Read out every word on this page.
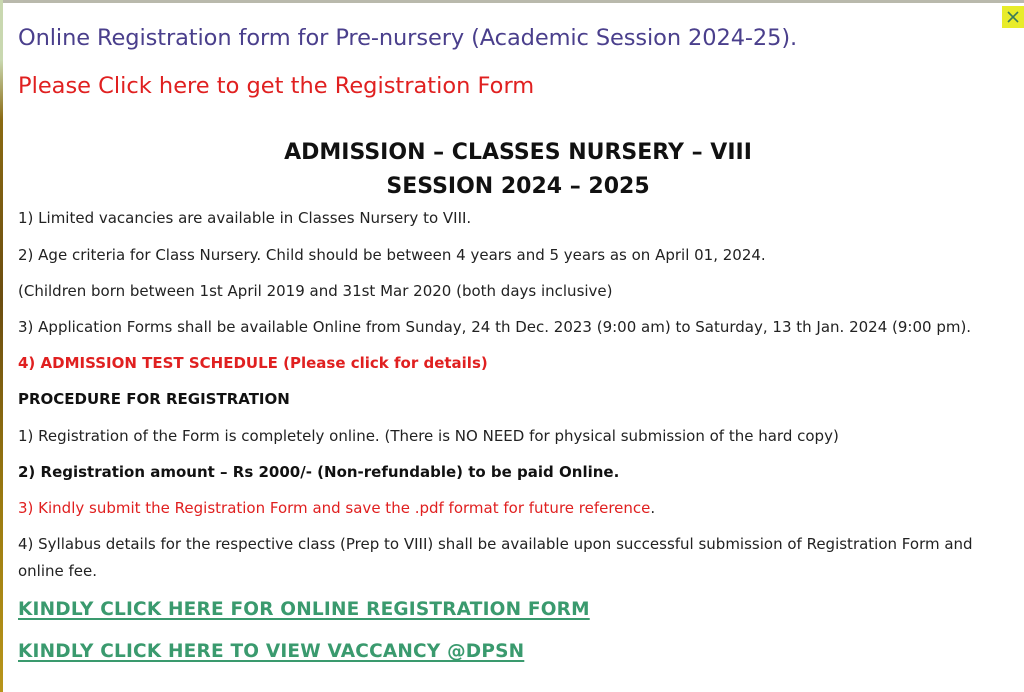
Online Registration form for Pre-nursery (Academic Session 2024-25).
Please Click here to get the Registration Form
ADMISSION – CLASSES NURSERY – VIII
SESSION 2024 – 2025
1) Limited vacancies are available in Classes Nursery to VIII.
2) Age criteria for Class Nursery. Child should be between 4 years and 5 years as on April 01, 2024.
(Children born between 1st April 2019 and 31st Mar 2020 (both days inclusive)
3) Application Forms shall be available Online from Sunday, 24 th Dec. 2023 (9:00 am) to Saturday, 13 th Jan. 2024 (9:00 pm).
4) ADMISSION TEST SCHEDULE (Please click for details)
PROCEDURE FOR REGISTRATION
1) Registration of the Form is completely online. (There is NO NEED for physical submission of the hard copy)
2) Registration amount – Rs 2000/- (Non-refundable) to be paid Online.
3) Kindly submit the Registration Form and save the .pdf format for future reference.
4) Syllabus details for the respective class (Prep to VIII) shall be available upon successful submission of Registration Form and online fee.
KINDLY CLICK HERE FOR ONLINE REGISTRATION FORM
KINDLY CLICK HERE TO VIEW VACCANCY @DPSN
